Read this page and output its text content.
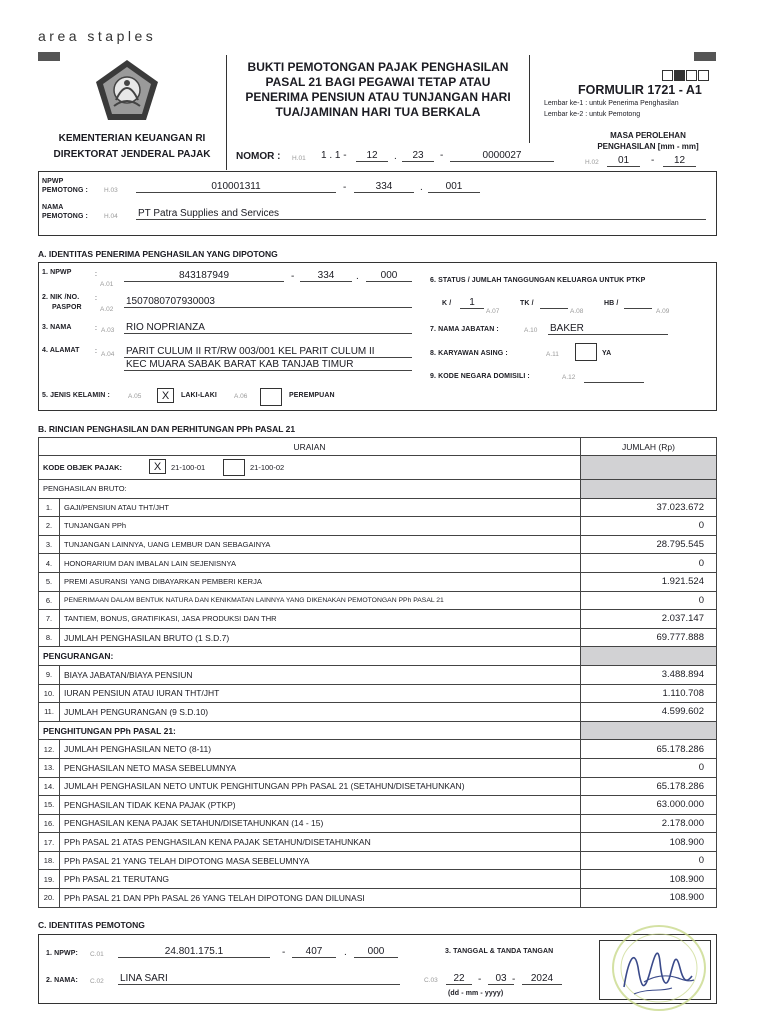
area staples
KEMENTERIAN KEUANGAN RI
DIREKTORAT JENDERAL PAJAK
BUKTI PEMOTONGAN PAJAK PENGHASILAN PASAL 21 BAGI PEGAWAI TETAP ATAU PENERIMA PENSIUN ATAU TUNJANGAN HARI TUA/JAMINAN HARI TUA BERKALA
FORMULIR 1721 - A1
Lembar ke-1 : untuk Penerima Penghasilan
Lembar ke-2 : untuk Pemotong
MASA PEROLEHAN PENGHASILAN [mm - mm]
H.02	01	-	12
NOMOR : H.01 1 . 1 -	12	.	23	-	0000027
NPWP PEMOTONG :	H.03	010001311	-	334	.	001
NAMA PEMOTONG :	H.04 PT Patra Supplies and Services
A. IDENTITAS PENERIMA PENGHASILAN YANG DIPOTONG
1. NPWP	:
A.01
843187949	-	334	.	000
2. NIK /NO.
PASPOR
:
A.02
1507080707930003
3. NAMA	: A.03 RIO NOPRIANZA
4. ALAMAT : A.04 PARIT CULUM II RT/RW 003/001 KEL PARIT CULUM II
KEC MUARA SABAK BARAT KAB TANJAB TIMUR
5. JENIS KELAMIN :	A.05	X	LAKI-LAKI	A.06	PEREMPUAN
6. STATUS / JUMLAH TANGGUNGAN KELUARGA UNTUK PTKP
K /	1
A.07
TK /
A.08
HB /
A.09
7. NAMA JABATAN :	A.10 BAKER
8. KARYAWAN ASING :	A.11	YA
9. KODE NEGARA DOMISILI :	A.12
B. RINCIAN PENGHASILAN DAN PERHITUNGAN PPh PASAL 21
URAIAN		JUMLAH (Rp)
KODE OBJEK PAJAK: X 21-100-01 21-100-02		

PENGHASILAN BRUTO:		
1.	GAJI/PENSIUN ATAU THT/JHT	37.023.672
2.	TUNJANGAN PPh	0
3.	TUNJANGAN LAINNYA, UANG LEMBUR DAN SEBAGAINYA	28.795.545
4.	HONORARIUM DAN IMBALAN LAIN SEJENISNYA	0
5.	PREMI ASURANSI YANG DIBAYARKAN PEMBERI KERJA	1.921.524
6.	PENERIMAAN DALAM BENTUK NATURA DAN KENIKMATAN LAINNYA YANG DIKENAKAN PEMOTONGAN PPh PASAL 21	0
7.	TANTIEM, BONUS, GRATIFIKASI, JASA PRODUKSI DAN THR	2.037.147
8.	JUMLAH PENGHASILAN BRUTO (1 S.D.7)	69.777.888
PENGURANGAN:		
9.	BIAYA JABATAN/BIAYA PENSIUN	3.488.894
10.	IURAN PENSIUN ATAU IURAN THT/JHT	1.110.708
11.	JUMLAH PENGURANGAN (9 S.D.10)	4.599.602
PENGHITUNGAN PPh PASAL 21:		
12.	JUMLAH PENGHASILAN NETO (8-11)	65.178.286
13.	PENGHASILAN NETO MASA SEBELUMNYA	0
14.	JUMLAH PENGHASILAN NETO UNTUK PENGHITUNGAN PPh PASAL 21 (SETAHUN/DISETAHUNKAN)	65.178.286
15.	PENGHASILAN TIDAK KENA PAJAK (PTKP)	63.000.000
16.	PENGHASILAN KENA PAJAK SETAHUN/DISETAHUNKAN (14 - 15)	2.178.000
17.	PPh PASAL 21 ATAS PENGHASILAN KENA PAJAK SETAHUN/DISETAHUNKAN	108.900
18.	PPh PASAL 21 YANG TELAH DIPOTONG MASA SEBELUMNYA	0
19.	PPh PASAL 21 TERUTANG	108.900
20.	PPh PASAL 21 DAN PPh PASAL 26 YANG TELAH DIPOTONG DAN DILUNASI	108.900
C. IDENTITAS PEMOTONG
1. NPWP: C.01	24.801.175.1	-	407	.	000
2. NAMA: C.02 LINA SARI
3. TANGGAL & TANDA TANGAN
C.03	22	-	03 -	2024
(dd - mm - yyyy)
